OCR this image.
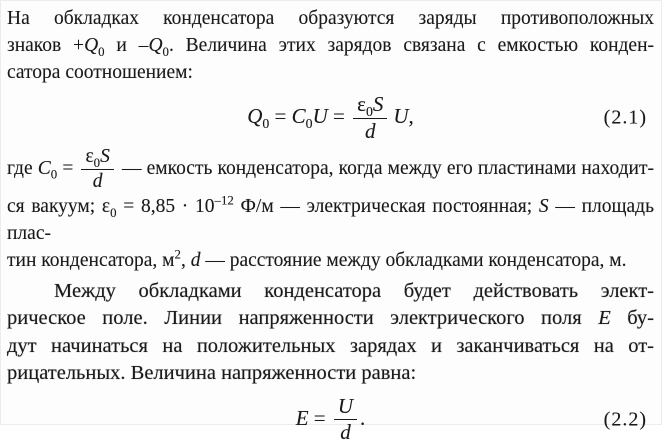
На обкладках конденсатора образуются заряды противоположных
знаков $+Q_0$ и $-Q_0$. Величина этих зарядов связана с емкостью конден-
сатора соотношением:
$Q_0 = C_0U = \frac{\varepsilon_0S}{d} U$,	(2.1)
где $C_0 = \frac{\varepsilon_0S}{d}$ — емкость конденсатора, когда между его пластинами находит-
ся вакуум; $\varepsilon_0 = 8,85 \cdot 10^{-12}$ Ф/м — электрическая постоянная; S — площадь плас-
тин конденсатора, $м^2$, d — расстояние между обкладками конденсатора, м.
Между обкладками конденсатора будет действовать элект-
рическое поле. Линии напряженности электрического поля E бу-
дут начинаться на положительных зарядах и заканчиваться на от-
рицательных. Величина напряженности равна:
$E = \frac{U}{d}$ .	(2.2)
